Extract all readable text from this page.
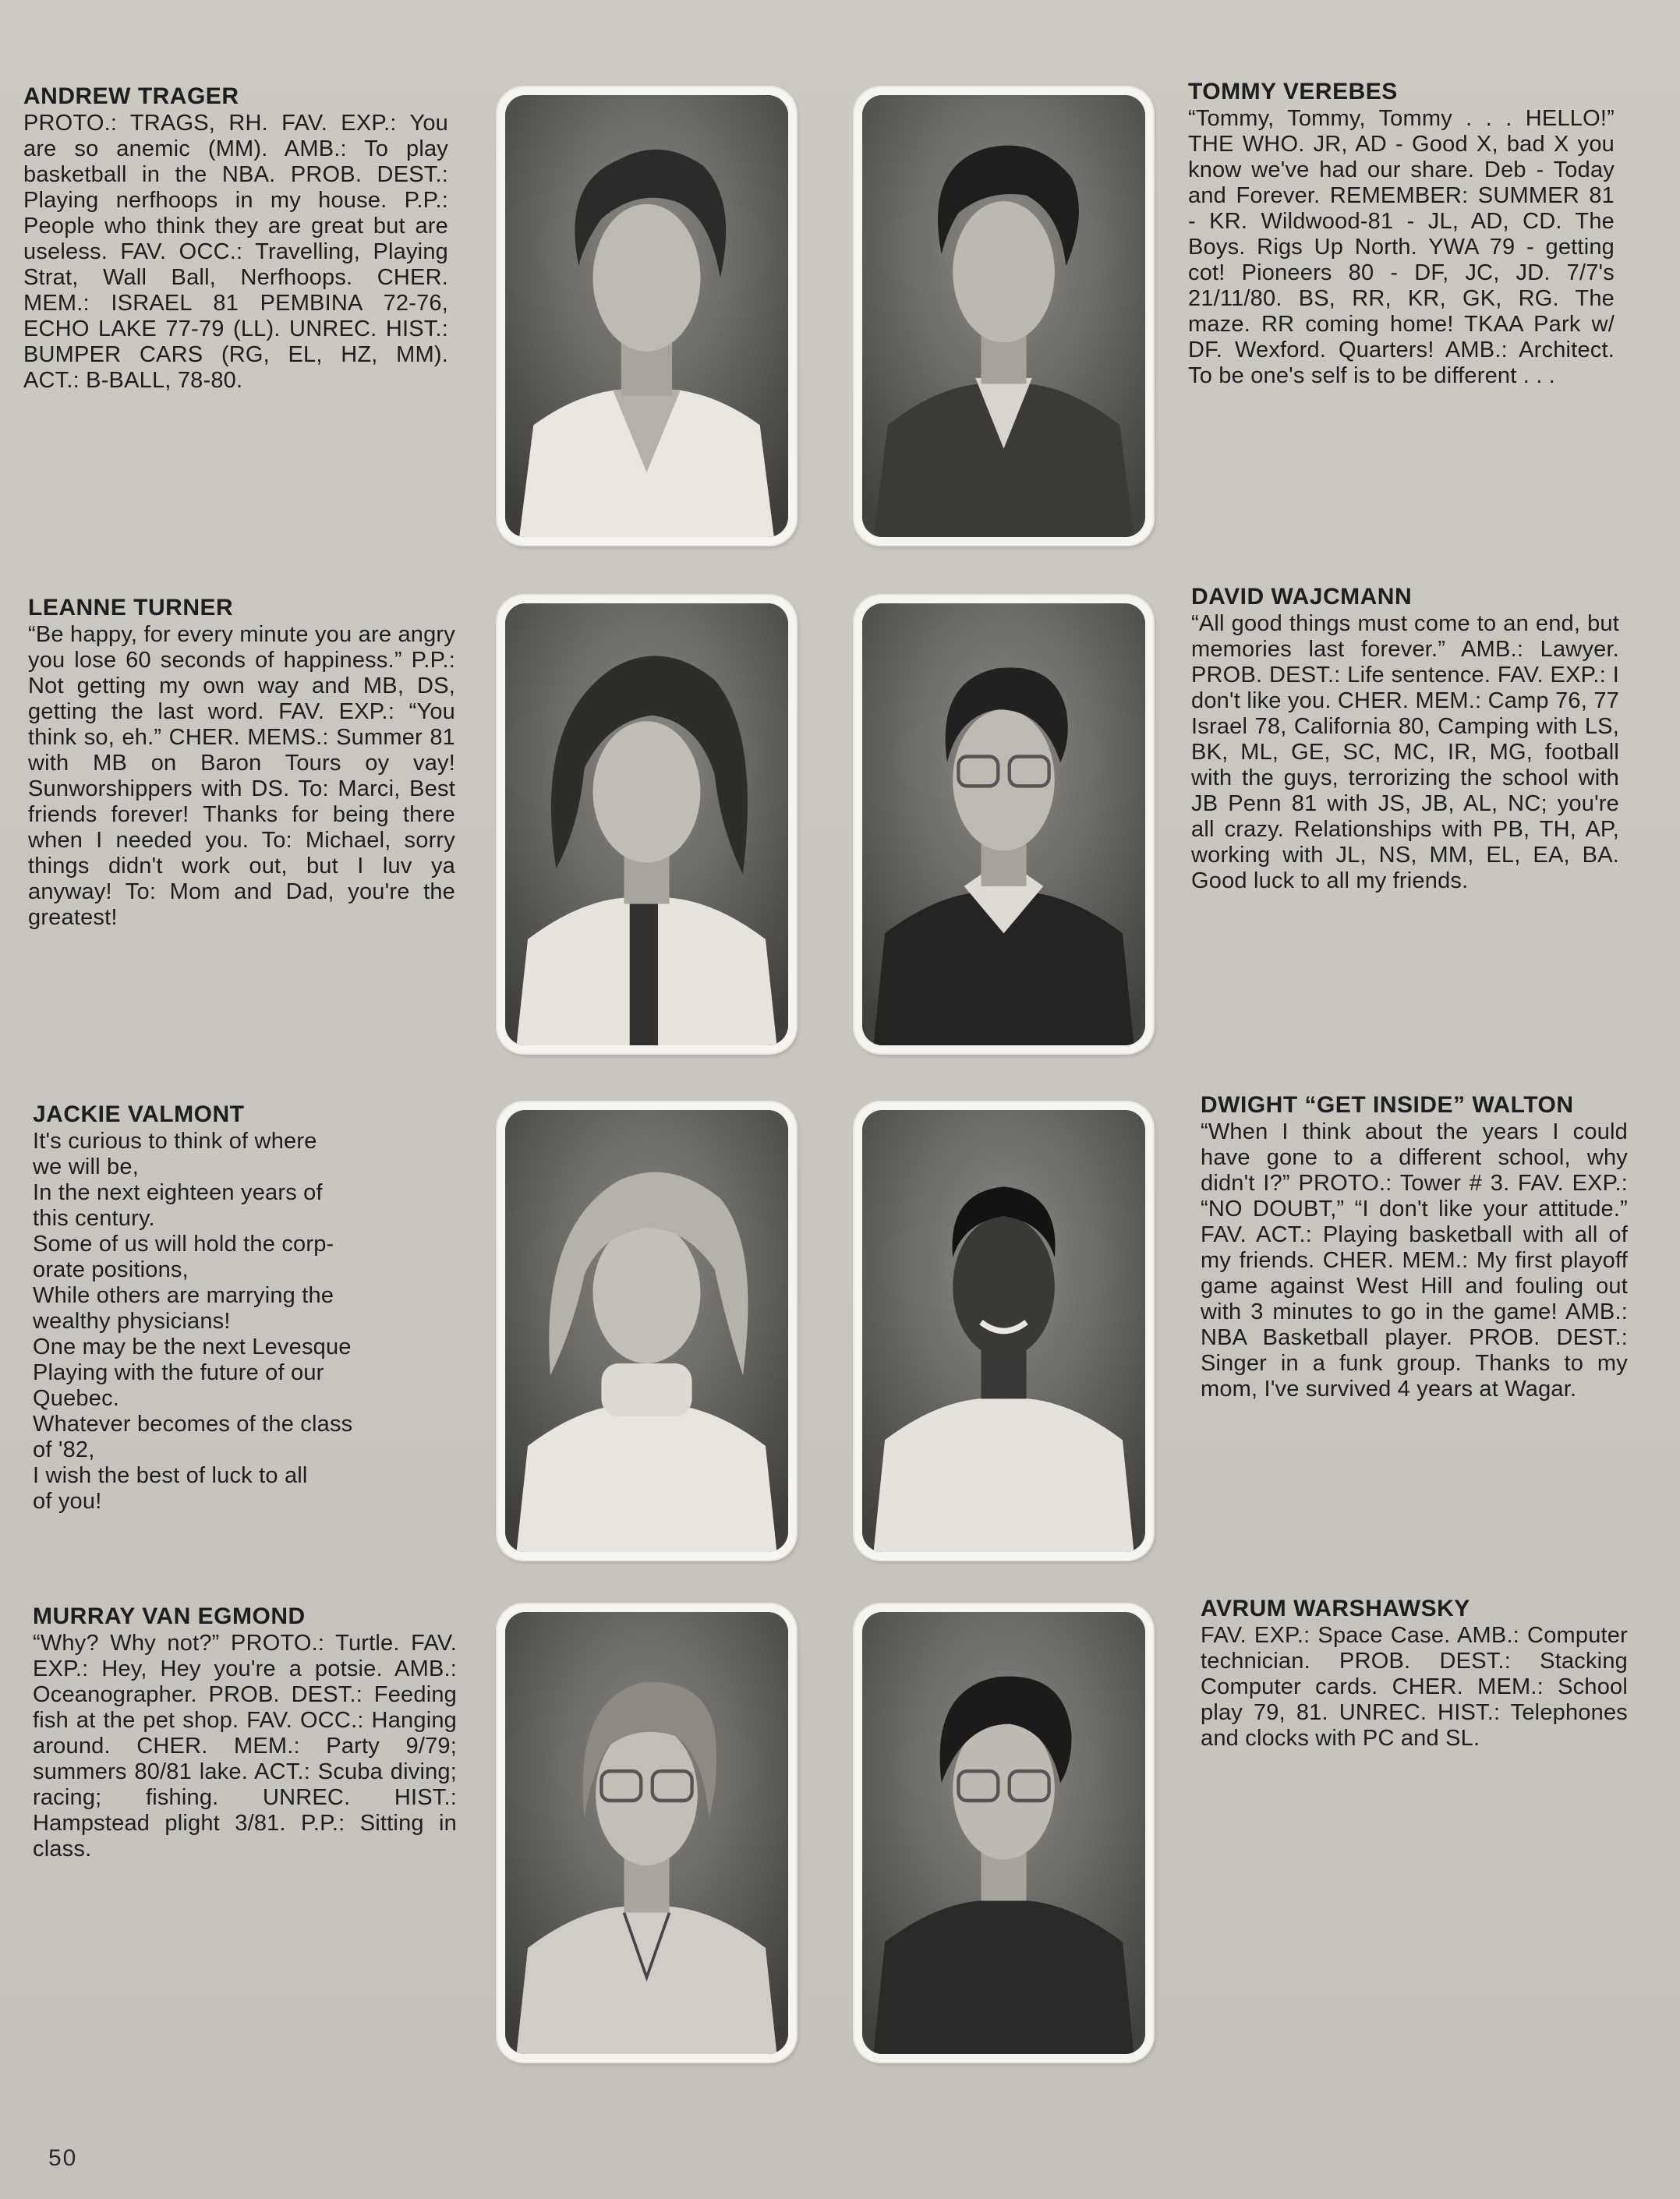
ANDREW TRAGER
PROTO.: TRAGS, RH. FAV. EXP.: You are so anemic (MM). AMB.: To play basketball in the NBA. PROB. DEST.: Playing nerfhoops in my house. P.P.: People who think they are great but are useless. FAV. OCC.: Travelling, Playing Strat, Wall Ball, Nerfhoops. CHER. MEM.: ISRAEL 81 PEMBINA 72-76, ECHO LAKE 77-79 (LL). UNREC. HIST.: BUMPER CARS (RG, EL, HZ, MM). ACT.: B-BALL, 78-80.
TOMMY VEREBES
“Tommy, Tommy, Tommy . . . HELLO!” THE WHO. JR, AD - Good X, bad X you know we've had our share. Deb - Today and Forever. REMEMBER: SUMMER 81 - KR. Wildwood-81 - JL, AD, CD. The Boys. Rigs Up North. YWA 79 - getting cot! Pioneers 80 - DF, JC, JD. 7/7's 21/11/80. BS, RR, KR, GK, RG. The maze. RR coming home! TKAA Park w/ DF. Wexford. Quarters! AMB.: Architect. To be one's self is to be different . . .
LEANNE TURNER
“Be happy, for every minute you are angry you lose 60 seconds of happiness.” P.P.: Not getting my own way and MB, DS, getting the last word. FAV. EXP.: “You think so, eh.” CHER. MEMS.: Summer 81 with MB on Baron Tours oy vay! Sunworshippers with DS. To: Marci, Best friends forever! Thanks for being there when I needed you. To: Michael, sorry things didn't work out, but I luv ya anyway! To: Mom and Dad, you're the greatest!
DAVID WAJCMANN
“All good things must come to an end, but memories last forever.” AMB.: Lawyer. PROB. DEST.: Life sentence. FAV. EXP.: I don't like you. CHER. MEM.: Camp 76, 77 Israel 78, California 80, Camping with LS, BK, ML, GE, SC, MC, IR, MG, football with the guys, terrorizing the school with JB Penn 81 with JS, JB, AL, NC; you're all crazy. Relationships with PB, TH, AP, working with JL, NS, MM, EL, EA, BA. Good luck to all my friends.
JACKIE VALMONT
It's curious to think of where
we will be,
In the next eighteen years of
this century.
Some of us will hold the corp-
orate positions,
While others are marrying the
wealthy physicians!
One may be the next Levesque
Playing with the future of our
Quebec.
Whatever becomes of the class
of '82,
I wish the best of luck to all
of you!
DWIGHT “GET INSIDE” WALTON
“When I think about the years I could have gone to a different school, why didn't I?” PROTO.: Tower # 3. FAV. EXP.: “NO DOUBT,” “I don't like your attitude.” FAV. ACT.: Playing basketball with all of my friends. CHER. MEM.: My first playoff game against West Hill and fouling out with 3 minutes to go in the game! AMB.: NBA Basketball player. PROB. DEST.: Singer in a funk group. Thanks to my mom, I've survived 4 years at Wagar.
MURRAY VAN EGMOND
“Why? Why not?” PROTO.: Turtle. FAV. EXP.: Hey, Hey you're a potsie. AMB.: Oceanographer. PROB. DEST.: Feeding fish at the pet shop. FAV. OCC.: Hanging around. CHER. MEM.: Party 9/79; summers 80/81 lake. ACT.: Scuba diving; racing; fishing. UNREC. HIST.: Hampstead plight 3/81. P.P.: Sitting in class.
AVRUM WARSHAWSKY
FAV. EXP.: Space Case. AMB.: Computer technician. PROB. DEST.: Stacking Computer cards. CHER. MEM.: School play 79, 81. UNREC. HIST.: Telephones and clocks with PC and SL.
50
